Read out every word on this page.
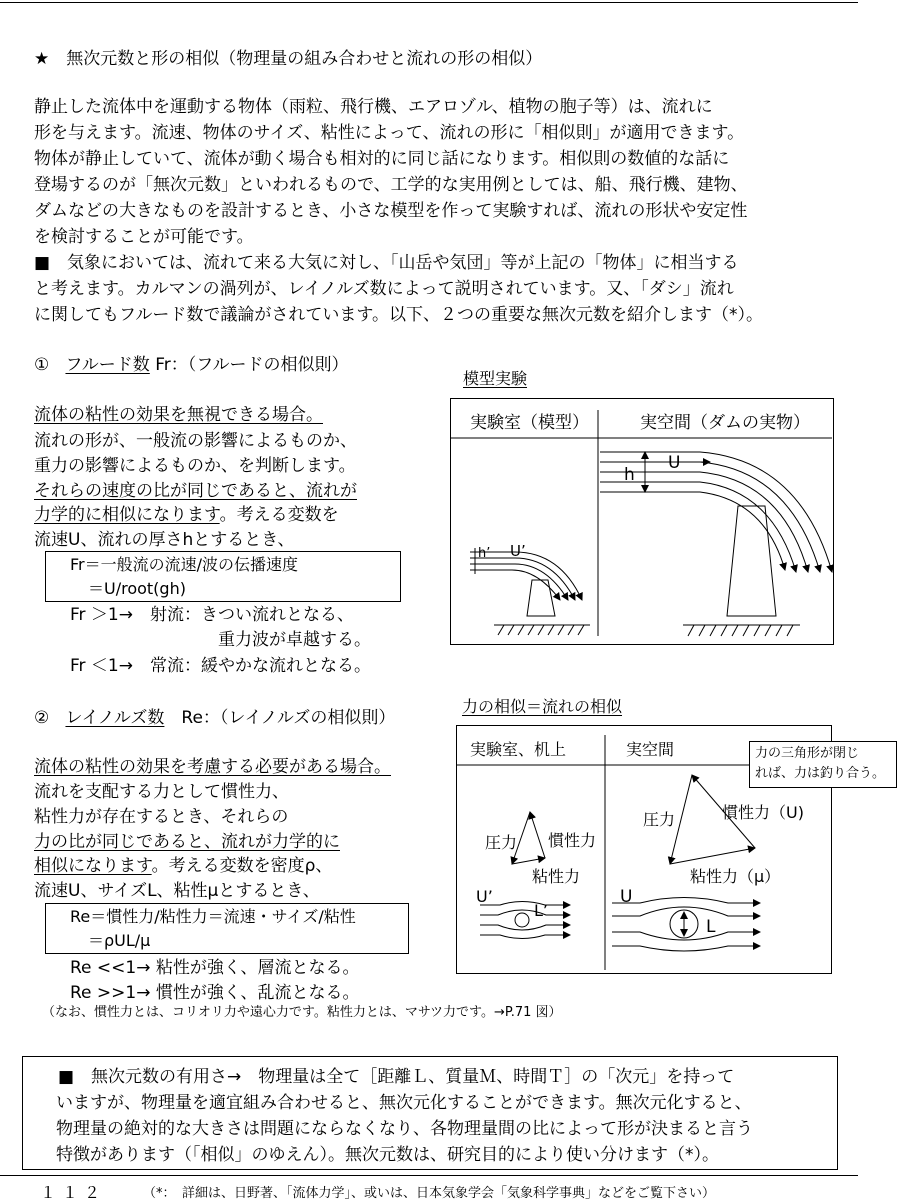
★　無次元数と形の相似（物理量の組み合わせと流れの形の相似）
静止した流体中を運動する物体（雨粒、飛行機、エアロゾル、植物の胞子等）は、流れに
形を与えます。流速、物体のサイズ、粘性によって、流れの形に「相似則」が適用できます。
物体が静止していて、流体が動く場合も相対的に同じ話になります。相似則の数値的な話に
登場するのが「無次元数」といわれるもので、工学的な実用例としては、船、飛行機、建物、
ダムなどの大きなものを設計するとき、小さな模型を作って実験すれば、流れの形状や安定性
を検討することが可能です。
■　気象においては、流れて来る大気に対し、「山岳や気団」等が上記の「物体」に相当する
と考えます。カルマンの渦列が、レイノルズ数によって説明されています。又、「ダシ」流れ
に関してもフルード数で議論がされています。以下、２つの重要な無次元数を紹介します（*）。
① フルード数 Fr：（フルードの相似則）
流体の粘性の効果を無視できる場合。
流れの形が、一般流の影響によるものか、
重力の影響によるものか、を判断します。
それらの速度の比が同じであると、流れが
力学的に相似になります。考える変数を
流速U、流れの厚さhとするとき、
Fr＝一般流の流速/波の伝播速度
＝U/root(gh)
Fr ＞1→　射流：きつい流れとなる、
重力波が卓越する。
Fr ＜1→　常流：緩やかな流れとなる。
② レイノルズ数　Re：（レイノルズの相似則）
流体の粘性の効果を考慮する必要がある場合。
流れを支配する力として慣性力、
粘性力が存在するとき、それらの
力の比が同じであると、流れが力学的に
相似になります。考える変数を密度ρ、
流速U、サイズL、粘性μとするとき、
Re＝慣性力/粘性力＝流速・サイズ/粘性
＝ρUL/μ
Re <<1→ 粘性が強く、層流となる。
Re >>1→ 慣性が強く、乱流となる。
（なお、慣性力とは、コリオリ力や遠心力です。粘性力とは、マサツ力です。→P.71 図）
模型実験
実験室（模型）	実空間（ダムの実物）
U’
h’
U
h
力の相似＝流れの相似
実験室、机上	実空間
慣性力
圧力
粘性力
慣性力（U)
圧力
粘性力（μ）
U’
L’
U
L
力の三角形が閉じ
れば、力は釣り合う。
■　無次元数の有用さ→　物理量は全て［距離Ｌ、質量Ｍ、時間Ｔ］の「次元」を持って
いますが、物理量を適宜組み合わせると、無次元化することができます。無次元化すると、
物理量の絶対的な大きさは問題にならなくなり、各物理量間の比によって形が決まると言う
特徴があります（「相似」のゆえん）。無次元数は、研究目的により使い分けます（*）。
１１２	（*：　詳細は、日野著、「流体力学」、或いは、日本気象学会「気象科学事典」などをご覧下さい）
